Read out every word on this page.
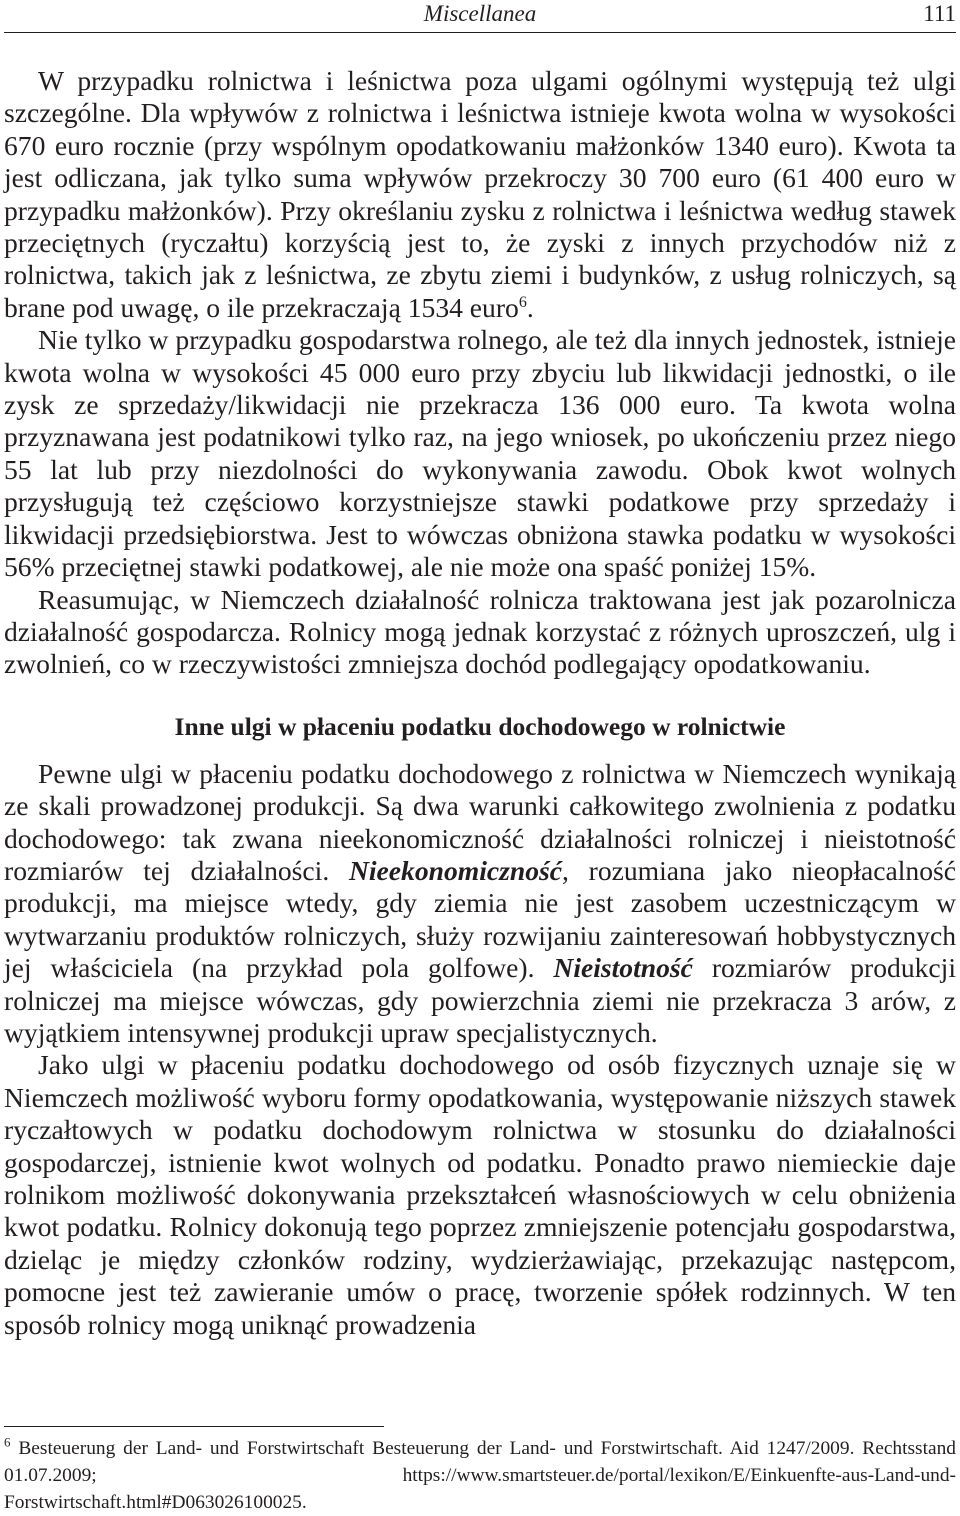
Miscellanea	111

W przypadku rolnictwa i leśnictwa poza ulgami ogólnymi występują też ulgi szczególne. Dla wpływów z rolnictwa i leśnictwa istnieje kwota wolna w wysokości 670 euro rocznie (przy wspólnym opodatkowaniu małżonków 1340 euro). Kwota ta jest odliczana, jak tylko suma wpływów przekroczy 30 700 euro (61 400 euro w przypadku małżonków). Przy określaniu zysku z rolnictwa i leśnictwa według stawek przeciętnych (ryczałtu) korzyścią jest to, że zyski z innych przychodów niż z rolnictwa, takich jak z leśnictwa, ze zbytu ziemi i budynków, z usług rolniczych, są brane pod uwagę, o ile przekraczają 1534 euro$^6$.

Nie tylko w przypadku gospodarstwa rolnego, ale też dla innych jednostek, istnieje kwota wolna w wysokości 45 000 euro przy zbyciu lub likwidacji jednostki, o ile zysk ze sprzedaży/likwidacji nie przekracza 136 000 euro. Ta kwota wolna przyznawana jest podatnikowi tylko raz, na jego wniosek, po ukończeniu przez niego 55 lat lub przy niezdolności do wykonywania zawodu. Obok kwot wolnych przysługują też częściowo korzystniejsze stawki podatkowe przy sprzedaży i likwidacji przedsiębiorstwa. Jest to wówczas obniżona stawka podatku w wysokości 56% przeciętnej stawki podatkowej, ale nie może ona spaść poniżej 15%.

Reasumując, w Niemczech działalność rolnicza traktowana jest jak pozarolnicza działalność gospodarcza. Rolnicy mogą jednak korzystać z różnych uproszczeń, ulg i zwolnień, co w rzeczywistości zmniejsza dochód podlegający opodatkowaniu.

Inne ulgi w płaceniu podatku dochodowego w rolnictwie

Pewne ulgi w płaceniu podatku dochodowego z rolnictwa w Niemczech wynikają ze skali prowadzonej produkcji. Są dwa warunki całkowitego zwolnienia z podatku dochodowego: tak zwana nieekonomiczność działalności rolniczej i nieistotność rozmiarów tej działalności. Nieekonomiczność, rozumiana jako nieopłacalność produkcji, ma miejsce wtedy, gdy ziemia nie jest zasobem uczestniczącym w wytwarzaniu produktów rolniczych, służy rozwijaniu zainteresowań hobbystycznych jej właściciela (na przykład pola golfowe). Nieistotność rozmiarów produkcji rolniczej ma miejsce wówczas, gdy powierzchnia ziemi nie przekracza 3 arów, z wyjątkiem intensywnej produkcji upraw specjalistycznych.

Jako ulgi w płaceniu podatku dochodowego od osób fizycznych uznaje się w Niemczech możliwość wyboru formy opodatkowania, występowanie niższych stawek ryczałtowych w podatku dochodowym rolnictwa w stosunku do działalności gospodarczej, istnienie kwot wolnych od podatku. Ponadto prawo niemieckie daje rolnikom możliwość dokonywania przekształceń własnościowych w celu obniżenia kwot podatku. Rolnicy dokonują tego poprzez zmniejszenie potencjału gospodarstwa, dzieląc je między członków rodziny, wydzierżawiając, przekazując następcom, pomocne jest też zawieranie umów o pracę, tworzenie spółek rodzinnych. W ten sposób rolnicy mogą uniknąć prowadzenia

$^6$ Besteuerung der Land- und Forstwirtschaft Besteuerung der Land- und Forstwirtschaft. Aid 1247/2009. Rechtsstand 01.07.2009; https://www.smartsteuer.de/portal/lexikon/E/Einkuenfte-aus-Land-und-Forstwirtschaft.html#D063026100025.
